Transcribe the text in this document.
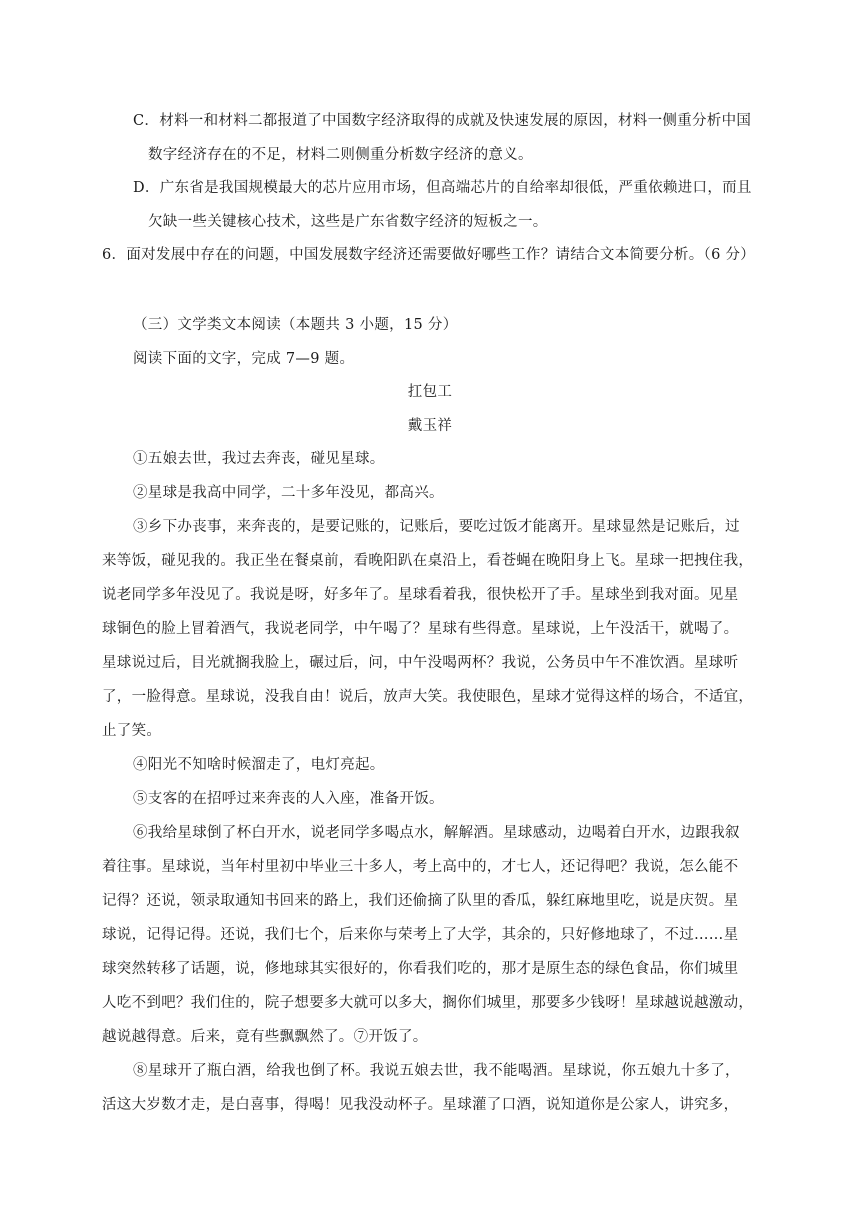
C．材料一和材料二都报道了中国数字经济取得的成就及快速发展的原因，材料一侧重分析中国
数字经济存在的不足，材料二则侧重分析数字经济的意义。
D．广东省是我国规模最大的芯片应用市场，但高端芯片的自给率却很低，严重依赖进口，而且
欠缺一些关键核心技术，这些是广东省数字经济的短板之一。
6．面对发展中存在的问题，中国发展数字经济还需要做好哪些工作？请结合文本简要分析。（6 分）
（三）文学类文本阅读（本题共 3 小题，15 分）
阅读下面的文字，完成 7—9 题。
扛包工
戴玉祥
①五娘去世，我过去奔丧，碰见星球。
②星球是我高中同学，二十多年没见，都高兴。
③乡下办丧事，来奔丧的，是要记账的，记账后，要吃过饭才能离开。星球显然是记账后，过
来等饭，碰见我的。我正坐在餐桌前，看晚阳趴在桌沿上，看苍蝇在晚阳身上飞。星球一把拽住我，
说老同学多年没见了。我说是呀，好多年了。星球看着我，很快松开了手。星球坐到我对面。见星
球铜色的脸上冒着酒气，我说老同学，中午喝了？星球有些得意。星球说，上午没活干，就喝了。
星球说过后，目光就搁我脸上，碾过后，问，中午没喝两杯？我说，公务员中午不准饮酒。星球听
了，一脸得意。星球说，没我自由！说后，放声大笑。我使眼色，星球才觉得这样的场合，不适宜，
止了笑。
④阳光不知啥时候溜走了，电灯亮起。
⑤支客的在招呼过来奔丧的人入座，准备开饭。
⑥我给星球倒了杯白开水，说老同学多喝点水，解解酒。星球感动，边喝着白开水，边跟我叙
着往事。星球说，当年村里初中毕业三十多人，考上高中的，才七人，还记得吧？我说，怎么能不
记得？还说，领录取通知书回来的路上，我们还偷摘了队里的香瓜，躲红麻地里吃，说是庆贺。星
球说，记得记得。还说，我们七个，后来你与荣考上了大学，其余的，只好修地球了，不过……星
球突然转移了话题，说，修地球其实很好的，你看我们吃的，那才是原生态的绿色食品，你们城里
人吃不到吧？我们住的，院子想要多大就可以多大，搁你们城里，那要多少钱呀！星球越说越激动，
越说越得意。后来，竟有些飘飘然了。⑦开饭了。
⑧星球开了瓶白酒，给我也倒了杯。我说五娘去世，我不能喝酒。星球说，你五娘九十多了，
活这大岁数才走，是白喜事，得喝！见我没动杯子。星球灌了口酒，说知道你是公家人，讲究多，
